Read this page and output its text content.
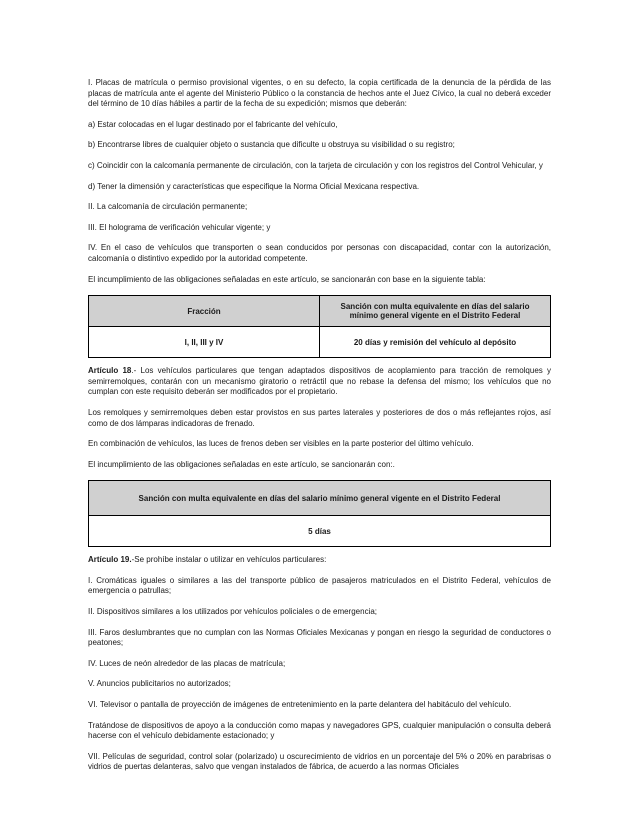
I. Placas de matrícula o permiso provisional vigentes, o en su defecto, la copia certificada de la denuncia de la pérdida de las placas de matrícula ante el agente del Ministerio Público o la constancia de hechos ante el Juez Cívico, la cual no deberá exceder del término de 10 días hábiles a partir de la fecha de su expedición; mismos que deberán:

a) Estar colocadas en el lugar destinado por el fabricante del vehículo,

b) Encontrarse libres de cualquier objeto o sustancia que dificulte u obstruya su visibilidad o su registro;

c) Coincidir con la calcomanía permanente de circulación, con la tarjeta de circulación y con los registros del Control Vehicular, y

d) Tener la dimensión y características que especifique la Norma Oficial Mexicana respectiva.

II. La calcomanía de circulación permanente;

III. El holograma de verificación vehicular vigente; y

IV. En el caso de vehículos que transporten o sean conducidos por personas con discapacidad, contar con la autorización, calcomanía o distintivo expedido por la autoridad competente.

El incumplimiento de las obligaciones señaladas en este artículo, se sancionarán con base en la siguiente tabla:

Fracción	Sanción con multa equivalente en días del salario mínimo general vigente en el Distrito Federal
I, II, III y IV	20 días y remisión del vehículo al depósito

Artículo 18.- Los vehículos particulares que tengan adaptados dispositivos de acoplamiento para tracción de remolques y semirremolques, contarán con un mecanismo giratorio o retráctil que no rebase la defensa del mismo; los vehículos que no cumplan con este requisito deberán ser modificados por el propietario.

Los remolques y semirremolques deben estar provistos en sus partes laterales y posteriores de dos o más reflejantes rojos, así como de dos lámparas indicadoras de frenado.

En combinación de vehículos, las luces de frenos deben ser visibles en la parte posterior del último vehículo.

El incumplimiento de las obligaciones señaladas en este artículo, se sancionarán con:.

Sanción con multa equivalente en días del salario mínimo general vigente en el Distrito Federal
5 días

Artículo 19.-Se prohíbe instalar o utilizar en vehículos particulares:

I. Cromáticas iguales o similares a las del transporte público de pasajeros matriculados en el Distrito Federal, vehículos de emergencia o patrullas;

II. Dispositivos similares a los utilizados por vehículos policiales o de emergencia;

III. Faros deslumbrantes que no cumplan con las Normas Oficiales Mexicanas y pongan en riesgo la seguridad de conductores o peatones;

IV. Luces de neón alrededor de las placas de matrícula;

V. Anuncios publicitarios no autorizados;

VI. Televisor o pantalla de proyección de imágenes de entretenimiento en la parte delantera del habitáculo del vehículo.

Tratándose de dispositivos de apoyo a la conducción como mapas y navegadores GPS, cualquier manipulación o consulta deberá hacerse con el vehículo debidamente estacionado; y

VII. Películas de seguridad, control solar (polarizado) u oscurecimiento de vidrios en un porcentaje del 5% o 20% en parabrisas o vidrios de puertas delanteras, salvo que vengan instalados de fábrica, de acuerdo a las normas Oficiales
